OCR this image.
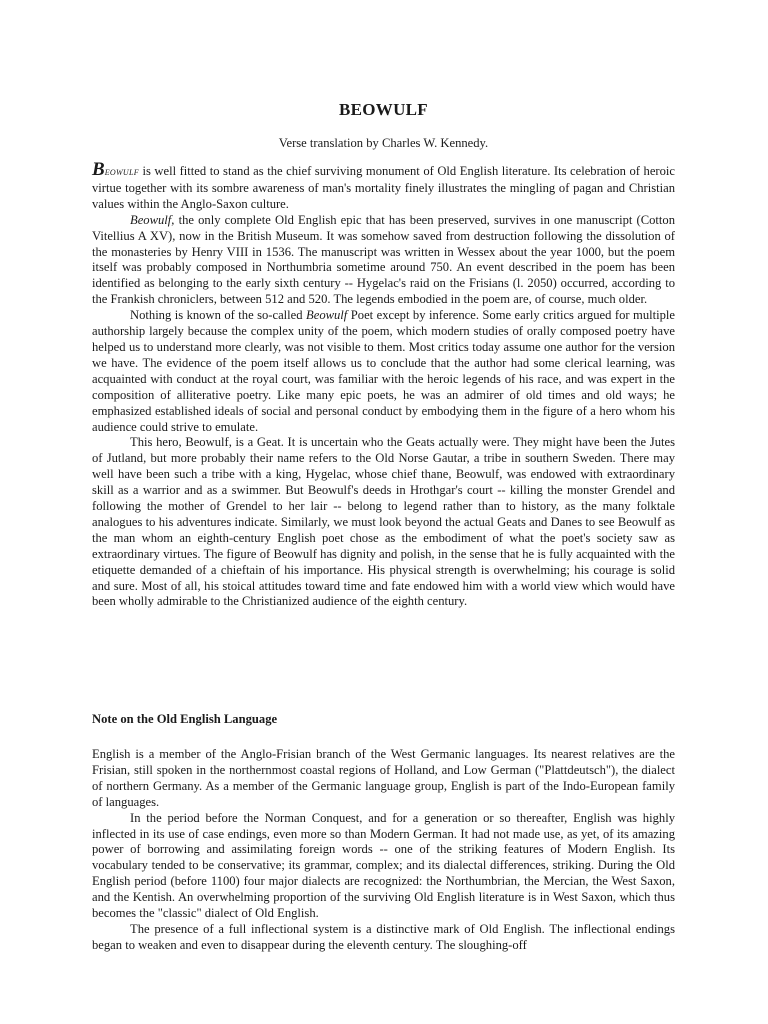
BEOWULF
Verse translation by Charles W. Kennedy.

Beowulf is well fitted to stand as the chief surviving monument of Old English literature. Its celebration of heroic virtue together with its sombre awareness of man's mortality finely illustrates the mingling of pagan and Christian values within the Anglo-Saxon culture.

Beowulf, the only complete Old English epic that has been preserved, survives in one manuscript (Cotton Vitellius A XV), now in the British Museum. It was somehow saved from destruction following the dissolution of the monasteries by Henry VIII in 1536. The manuscript was written in Wessex about the year 1000, but the poem itself was probably composed in Northumbria sometime around 750. An event described in the poem has been identified as belonging to the early sixth century -- Hygelac's raid on the Frisians (l. 2050) occurred, according to the Frankish chroniclers, between 512 and 520. The legends embodied in the poem are, of course, much older.

Nothing is known of the so-called Beowulf Poet except by inference. Some early critics argued for multiple authorship largely because the complex unity of the poem, which modern studies of orally composed poetry have helped us to understand more clearly, was not visible to them. Most critics today assume one author for the version we have. The evidence of the poem itself allows us to conclude that the author had some clerical learning, was acquainted with conduct at the royal court, was familiar with the heroic legends of his race, and was expert in the composition of alliterative poetry. Like many epic poets, he was an admirer of old times and old ways; he emphasized established ideals of social and personal conduct by embodying them in the figure of a hero whom his audience could strive to emulate.

This hero, Beowulf, is a Geat. It is uncertain who the Geats actually were. They might have been the Jutes of Jutland, but more probably their name refers to the Old Norse Gautar, a tribe in southern Sweden. There may well have been such a tribe with a king, Hygelac, whose chief thane, Beowulf, was endowed with extraordinary skill as a warrior and as a swimmer. But Beowulf's deeds in Hrothgar's court -- killing the monster Grendel and following the mother of Grendel to her lair -- belong to legend rather than to history, as the many folktale analogues to his adventures indicate. Similarly, we must look beyond the actual Geats and Danes to see Beowulf as the man whom an eighth-century English poet chose as the embodiment of what the poet's society saw as extraordinary virtues. The figure of Beowulf has dignity and polish, in the sense that he is fully acquainted with the etiquette demanded of a chieftain of his importance. His physical strength is overwhelming; his courage is solid and sure. Most of all, his stoical attitudes toward time and fate endowed him with a world view which would have been wholly admirable to the Christianized audience of the eighth century.

Note on the Old English Language

English is a member of the Anglo-Frisian branch of the West Germanic languages. Its nearest relatives are the Frisian, still spoken in the northernmost coastal regions of Holland, and Low German ("Plattdeutsch"), the dialect of northern Germany. As a member of the Germanic language group, English is part of the Indo-European family of languages.

In the period before the Norman Conquest, and for a generation or so thereafter, English was highly inflected in its use of case endings, even more so than Modern German. It had not made use, as yet, of its amazing power of borrowing and assimilating foreign words -- one of the striking features of Modern English. Its vocabulary tended to be conservative; its grammar, complex; and its dialectal differences, striking. During the Old English period (before 1100) four major dialects are recognized: the Northumbrian, the Mercian, the West Saxon, and the Kentish. An overwhelming proportion of the surviving Old English literature is in West Saxon, which thus becomes the "classic" dialect of Old English.

The presence of a full inflectional system is a distinctive mark of Old English. The inflectional endings began to weaken and even to disappear during the eleventh century. The sloughing-off
